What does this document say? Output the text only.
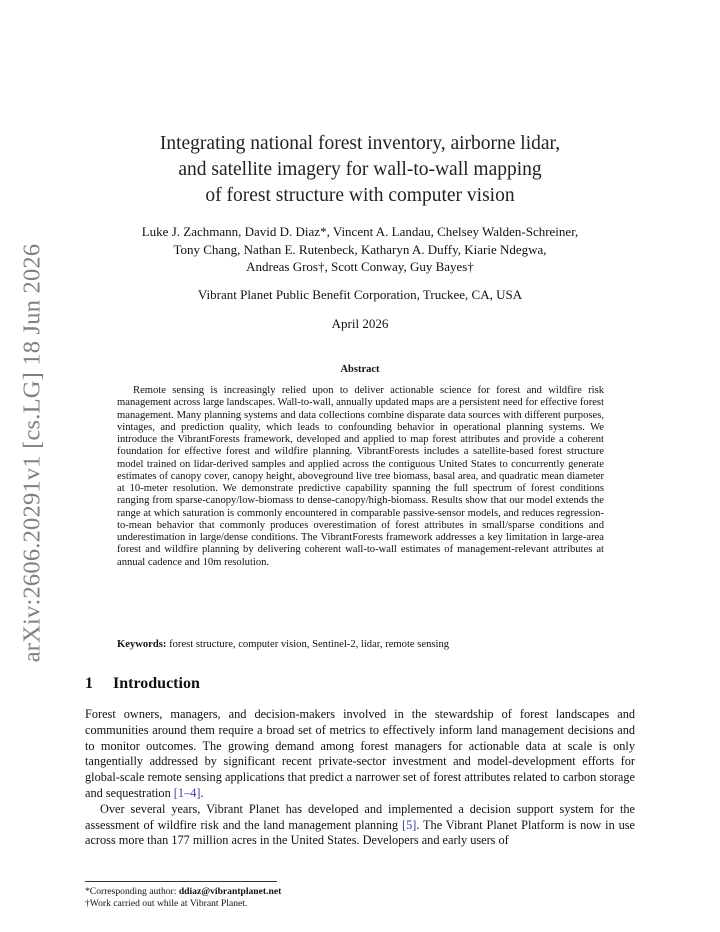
arXiv:2606.20291v1 [cs.LG] 18 Jun 2026
Integrating national forest inventory, airborne lidar,
and satellite imagery for wall-to-wall mapping
of forest structure with computer vision
Luke J. Zachmann, David D. Diaz*, Vincent A. Landau, Chelsey Walden-Schreiner,
Tony Chang, Nathan E. Rutenbeck, Katharyn A. Duffy, Kiarie Ndegwa,
Andreas Gros†, Scott Conway, Guy Bayes†
Vibrant Planet Public Benefit Corporation, Truckee, CA, USA
April 2026
Abstract

Remote sensing is increasingly relied upon to deliver actionable science for forest and wildfire risk management across large landscapes. Wall-to-wall, annually updated maps are a persistent need for effective forest management. Many planning systems and data collections combine disparate data sources with different purposes, vintages, and prediction quality, which leads to confounding behavior in operational planning systems. We introduce the VibrantForests framework, developed and applied to map forest attributes and provide a coherent foundation for effective forest and wildfire planning. VibrantForests includes a satellite-based forest structure model trained on lidar-derived samples and applied across the contiguous United States to concurrently generate estimates of canopy cover, canopy height, aboveground live tree biomass, basal area, and quadratic mean diameter at 10-meter resolution. We demonstrate predictive capability spanning the full spectrum of forest conditions ranging from sparse-canopy/low-biomass to dense-canopy/high-biomass. Results show that our model extends the range at which saturation is commonly encountered in comparable passive-sensor models, and reduces regression-to-mean behavior that commonly produces overestimation of forest attributes in small/sparse conditions and underestimation in large/dense conditions. The VibrantForests framework addresses a key limitation in large-area forest and wildfire planning by delivering coherent wall-to-wall estimates of management-relevant attributes at annual cadence and 10m resolution.

Keywords: forest structure, computer vision, Sentinel-2, lidar, remote sensing
1 Introduction

Forest owners, managers, and decision-makers involved in the stewardship of forest landscapes and communities around them require a broad set of metrics to effectively inform land management decisions and to monitor outcomes. The growing demand among forest managers for actionable data at scale is only tangentially addressed by significant recent private-sector investment and model-development efforts for global-scale remote sensing applications that predict a narrower set of forest attributes related to carbon storage and sequestration [1–4].

Over several years, Vibrant Planet has developed and implemented a decision support system for the assessment of wildfire risk and the land management planning [5]. The Vibrant Planet Platform is now in use across more than 177 million acres in the United States. Developers and early users of

*Corresponding author: ddiaz@vibrantplanet.net
†Work carried out while at Vibrant Planet.
